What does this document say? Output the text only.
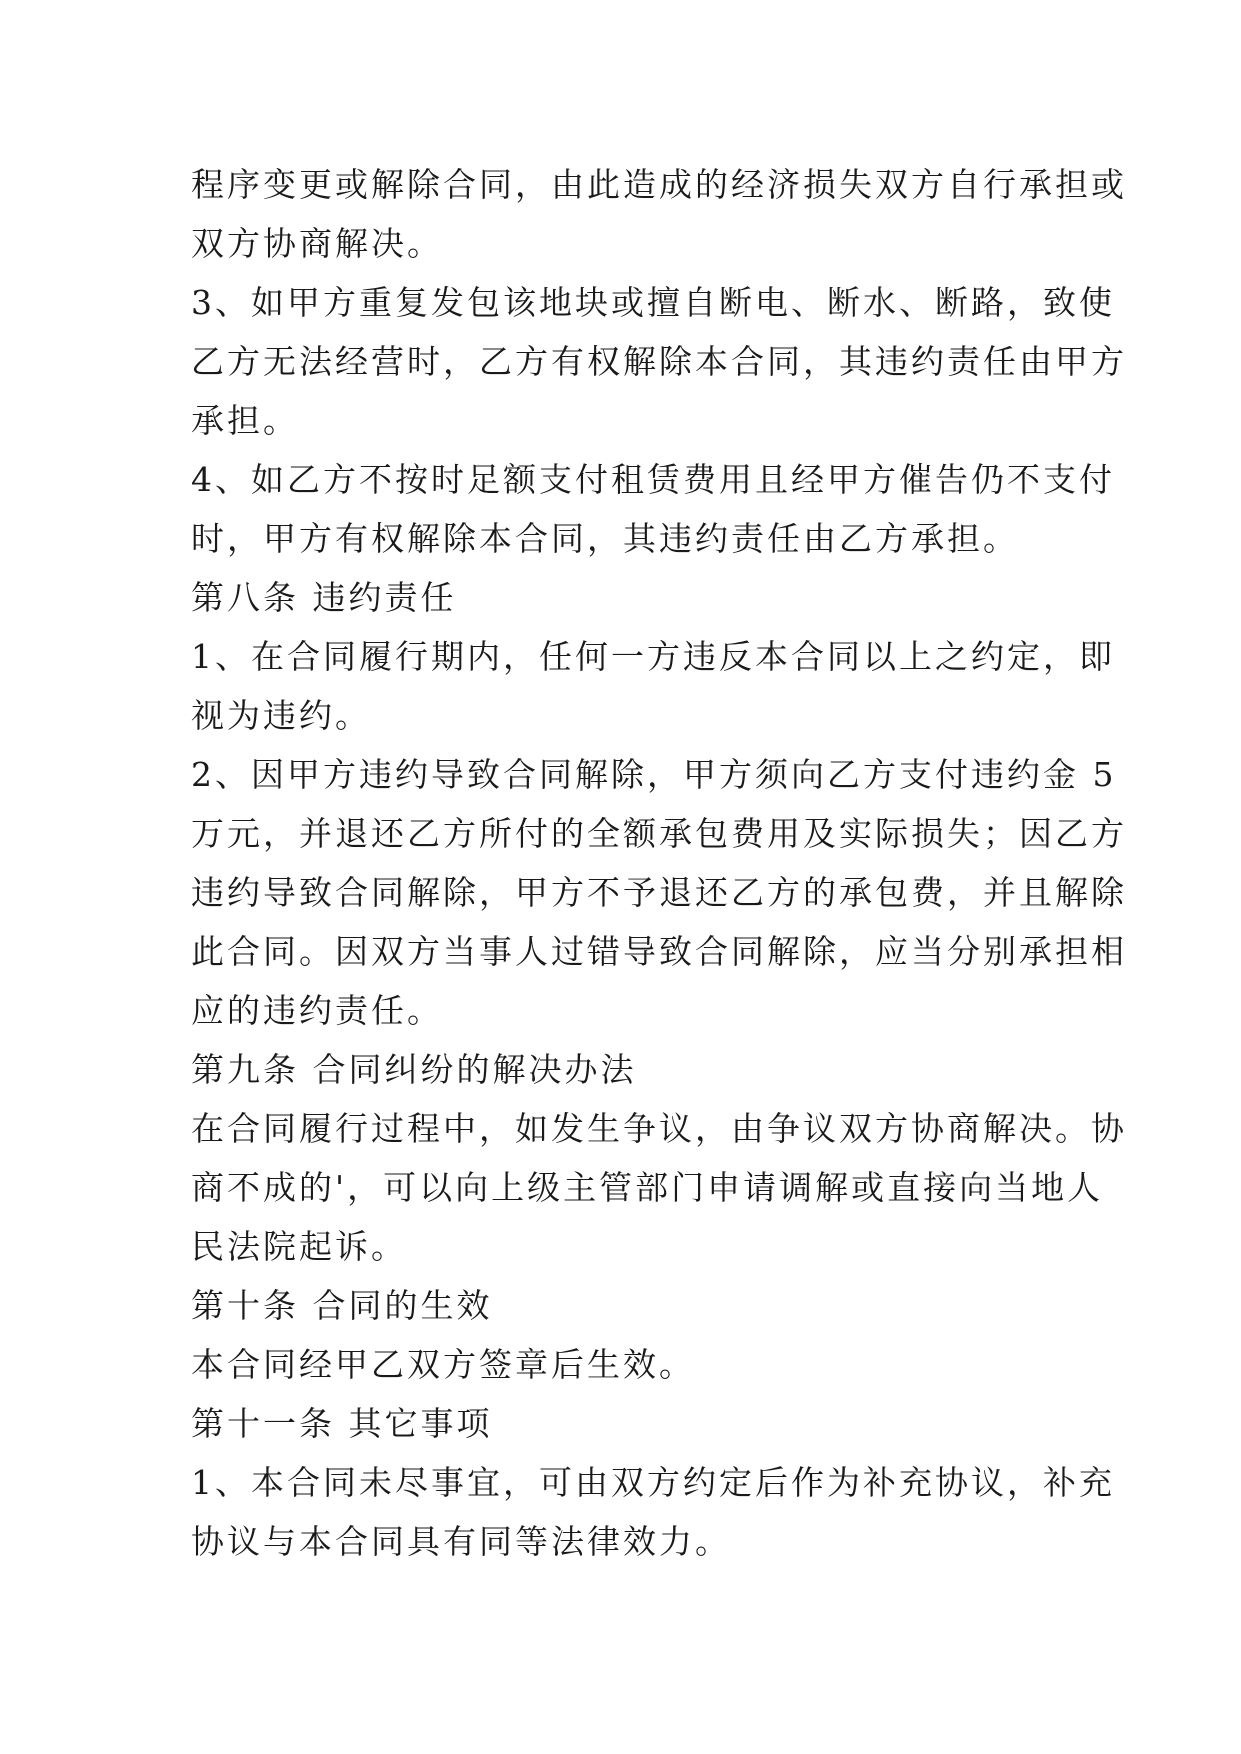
程序变更或解除合同，由此造成的经济损失双方自行承担或
双方协商解决。
3、如甲方重复发包该地块或擅自断电、断水、断路，致使
乙方无法经营时，乙方有权解除本合同，其违约责任由甲方
承担。
4、如乙方不按时足额支付租赁费用且经甲方催告仍不支付
时，甲方有权解除本合同，其违约责任由乙方承担。
第八条 违约责任
1、在合同履行期内，任何一方违反本合同以上之约定，即
视为违约。
2、因甲方违约导致合同解除，甲方须向乙方支付违约金 5
万元，并退还乙方所付的全额承包费用及实际损失；因乙方
违约导致合同解除，甲方不予退还乙方的承包费，并且解除
此合同。因双方当事人过错导致合同解除，应当分别承担相
应的违约责任。
第九条 合同纠纷的解决办法
在合同履行过程中，如发生争议，由争议双方协商解决。协
商不成的'，可以向上级主管部门申请调解或直接向当地人
民法院起诉。
第十条 合同的生效
本合同经甲乙双方签章后生效。
第十一条 其它事项
1、本合同未尽事宜，可由双方约定后作为补充协议，补充
协议与本合同具有同等法律效力。
